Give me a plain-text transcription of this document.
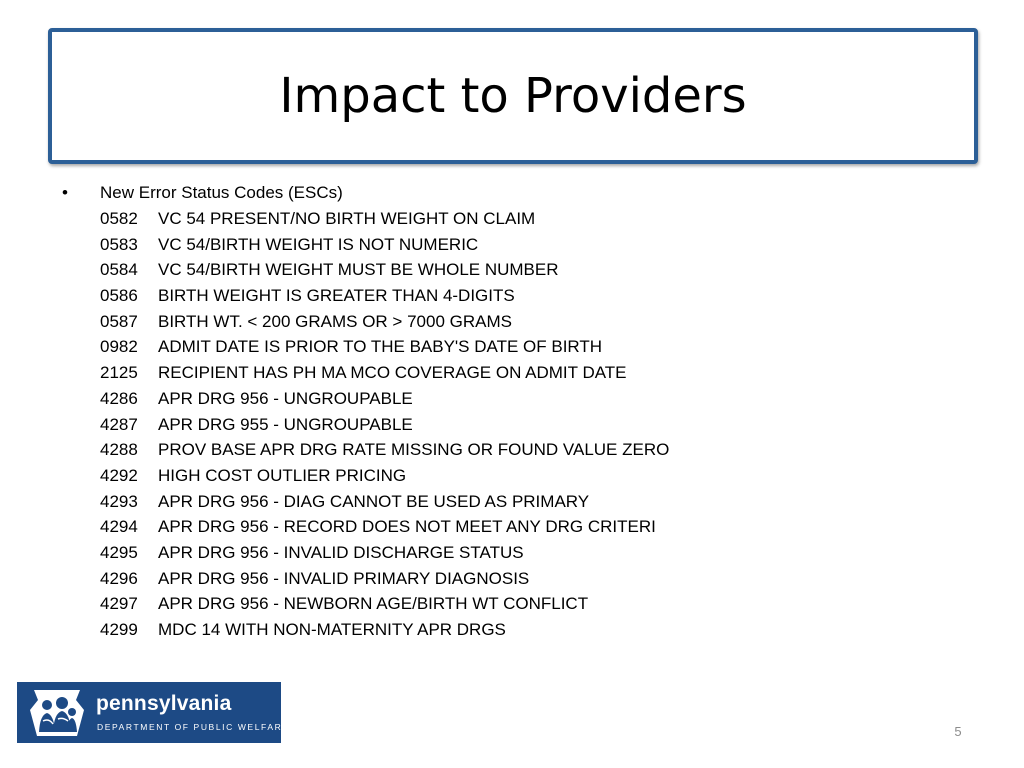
Impact to Providers
• New Error Status Codes (ESCs)
0582 VC 54 PRESENT/NO BIRTH WEIGHT ON CLAIM
0583 VC 54/BIRTH WEIGHT IS NOT NUMERIC
0584 VC 54/BIRTH WEIGHT MUST BE WHOLE NUMBER
0586 BIRTH WEIGHT IS GREATER THAN 4-DIGITS
0587 BIRTH WT. < 200 GRAMS OR > 7000 GRAMS
0982 ADMIT DATE IS PRIOR TO THE BABY'S DATE OF BIRTH
2125 RECIPIENT HAS PH MA MCO COVERAGE ON ADMIT DATE
4286 APR DRG 956 - UNGROUPABLE
4287 APR DRG 955 - UNGROUPABLE
4288 PROV BASE APR DRG RATE MISSING OR FOUND VALUE ZERO
4292 HIGH COST OUTLIER PRICING
4293 APR DRG 956 - DIAG CANNOT BE USED AS PRIMARY
4294 APR DRG 956 - RECORD DOES NOT MEET ANY DRG CRITERI
4295 APR DRG 956 - INVALID DISCHARGE STATUS
4296 APR DRG 956 - INVALID PRIMARY DIAGNOSIS
4297 APR DRG 956 - NEWBORN AGE/BIRTH WT CONFLICT
4299 MDC 14 WITH NON-MATERNITY APR DRGS
pennsylvania
DEPARTMENT OF PUBLIC WELFARE	5
